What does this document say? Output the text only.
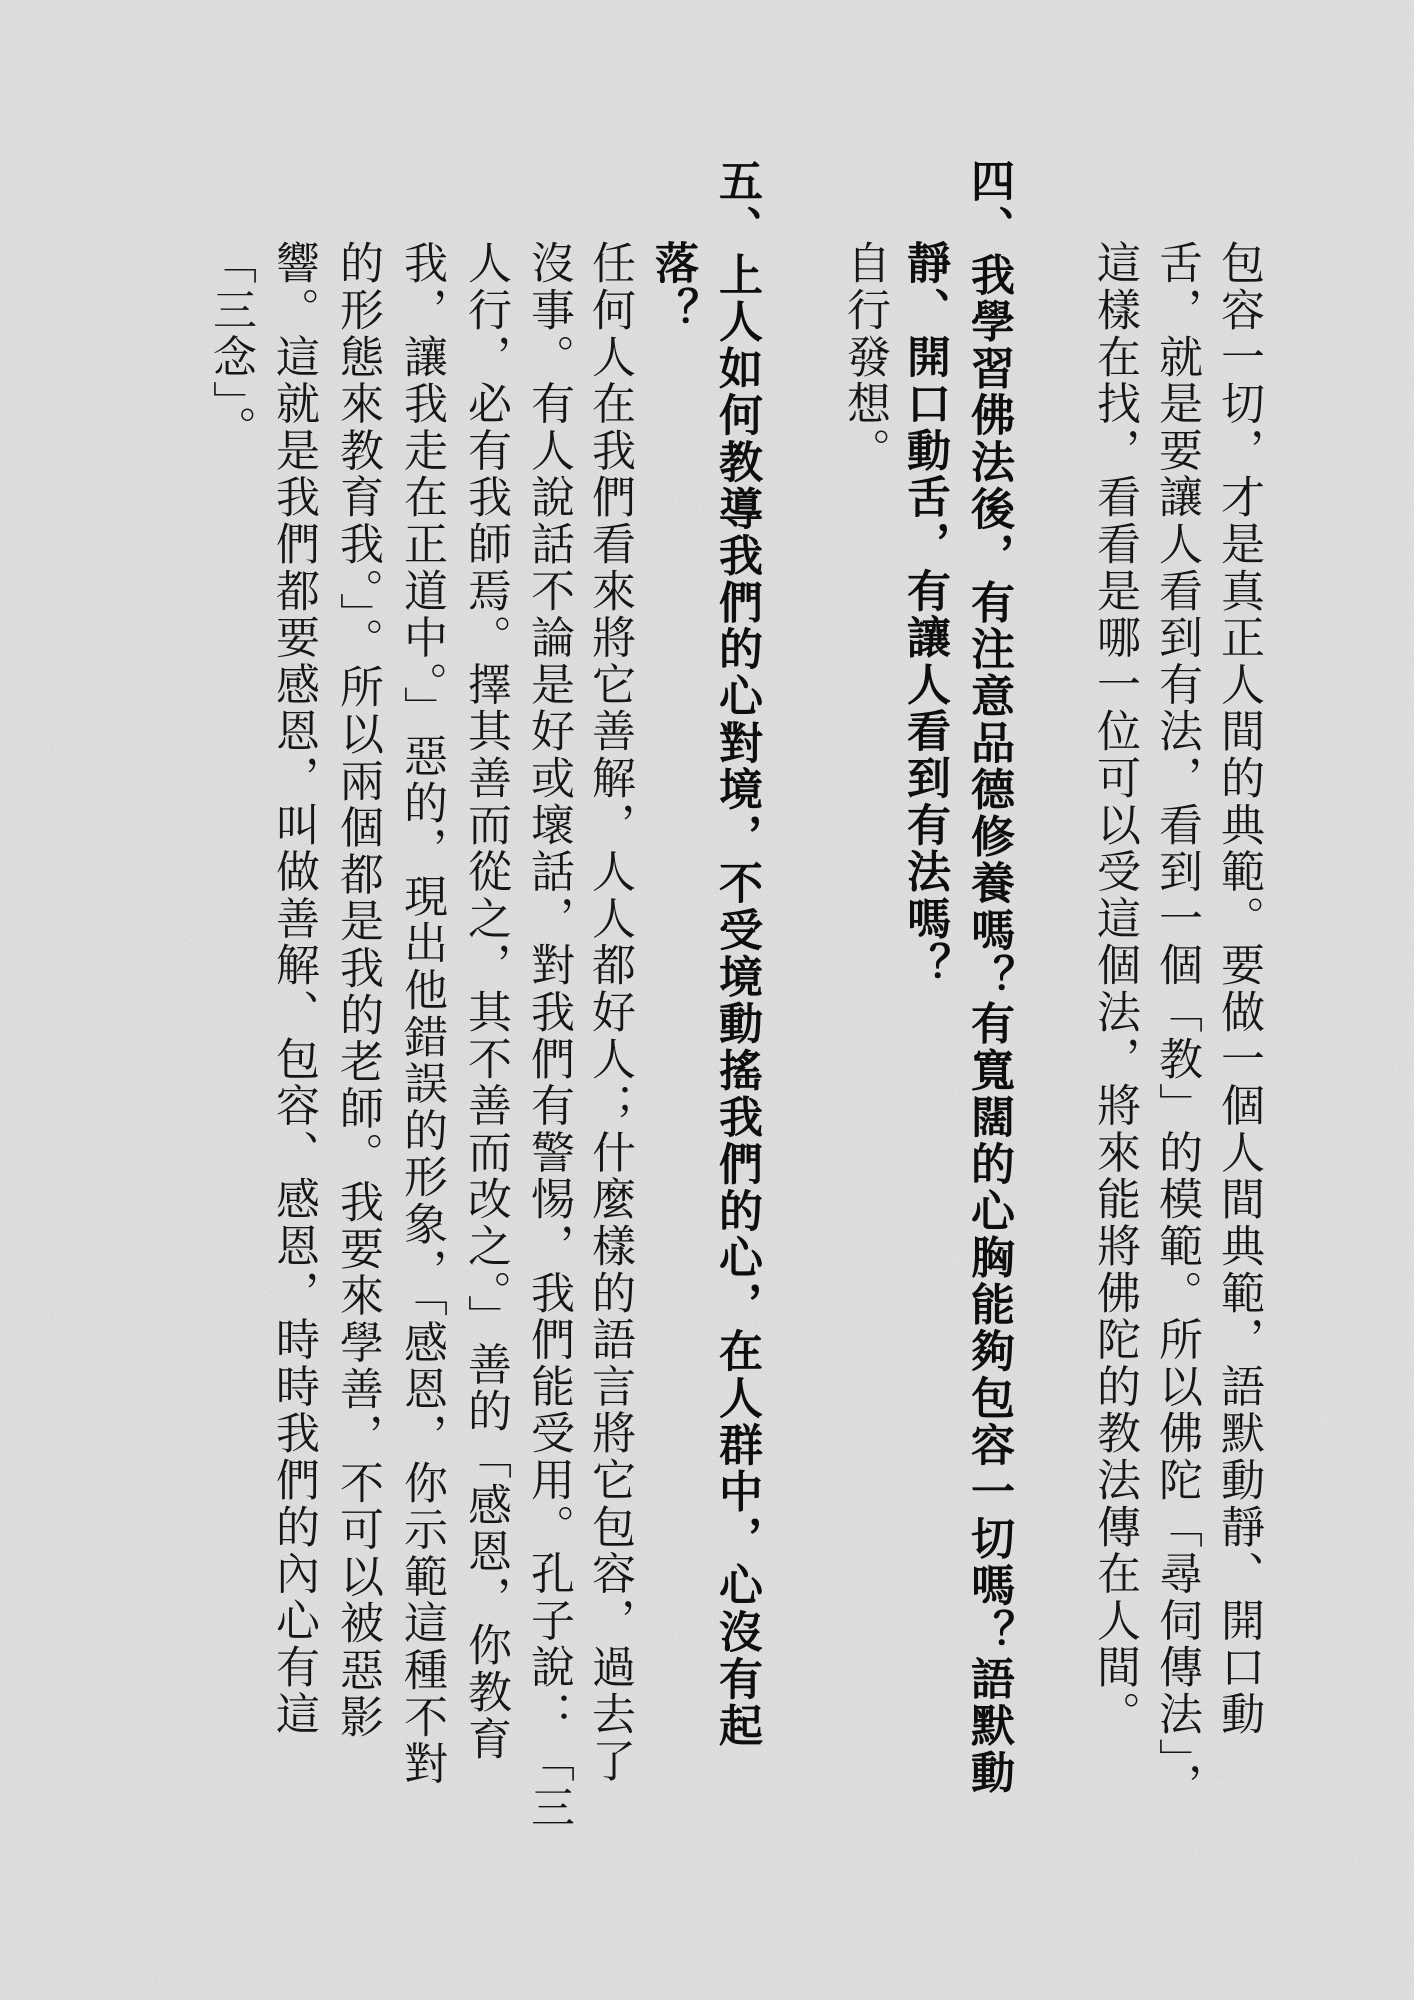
包容一切，才是真正人間的典範。要做一個人間典範，語默動靜、開口動
舌，就是要讓人看到有法，看到一個「教」的模範。所以佛陀「尋伺傳法」，
這樣在找，看看是哪一位可以受這個法，將來能將佛陀的教法傳在人間。
四、我學習佛法後，有注意品德修養嗎？有寬闊的心胸能夠包容一切嗎？語默動
靜、開口動舌，有讓人看到有法嗎？
自行發想。
五、上人如何教導我們的心對境，不受境動搖我們的心，在人群中，心沒有起
落？
任何人在我們看來將它善解，人人都好人；什麼樣的語言將它包容，過去了
沒事。有人說話不論是好或壞話，對我們有警惕，我們能受用。孔子說：「三
人行，必有我師焉。擇其善而從之，其不善而改之。」善的「感恩，你教育
我，讓我走在正道中。」惡的，現出他錯誤的形象，「感恩，你示範這種不對
的形態來教育我。」。所以兩個都是我的老師。我要來學善，不可以被惡影
響。這就是我們都要感恩，叫做善解、包容、感恩，時時我們的內心有這
「三念」。
